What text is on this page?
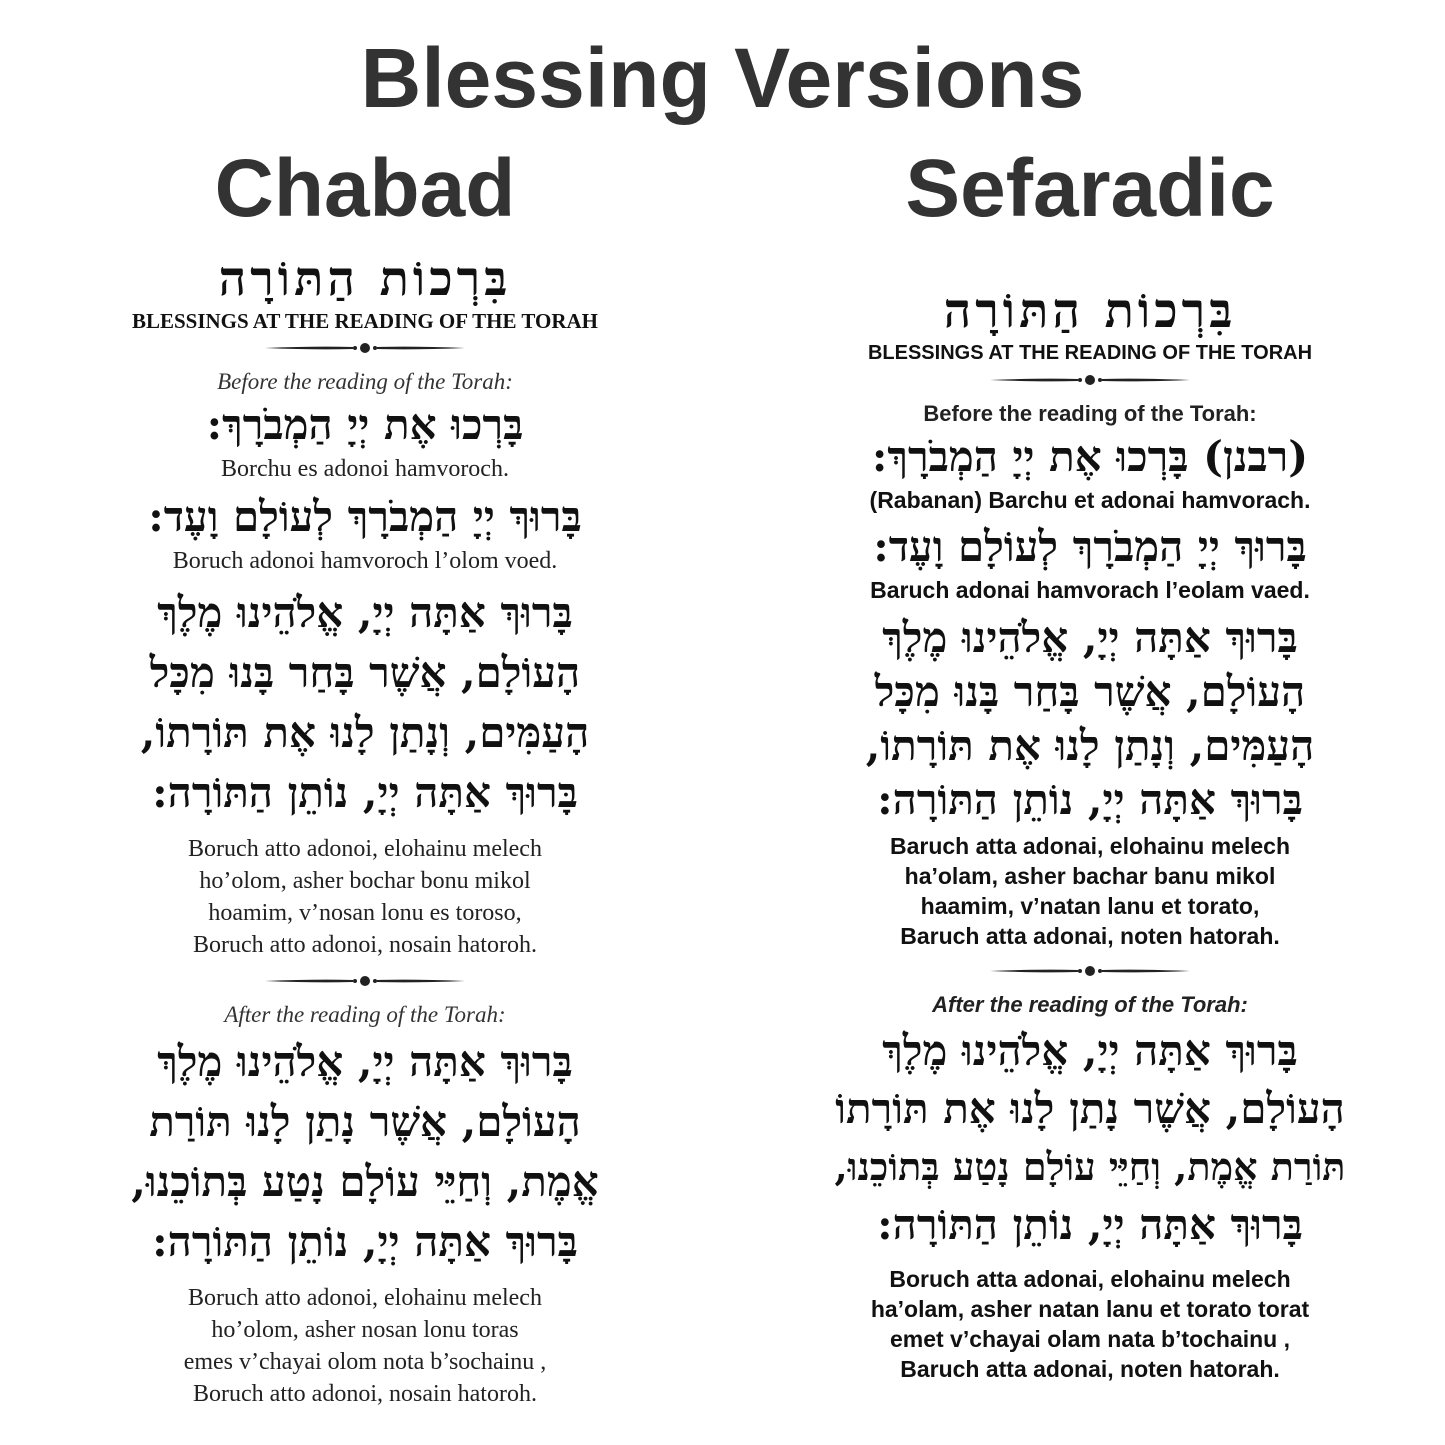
Blessing Versions
Chabad	Sefaradic
בִּרְכוֹת הַתּוֹרָה
BLESSINGS AT THE READING OF THE TORAH
Before the reading of the Torah:
בָּרְכוּ אֶת יְיָ הַמְבֹרָךְ:
Borchu es adonoi hamvoroch.
בָּרוּךְ יְיָ הַמְבֹרָךְ לְעוֹלָם וָעֶד:
Boruch adonoi hamvoroch l’olom voed.
בָּרוּךְ אַתָּה יְיָ, אֱלֹהֵינוּ מֶלֶךְ
הָעוֹלָם, אֲשֶׁר בָּחַר בָּנוּ מִכָּל
הָעַמִּים, וְנָתַן לָנוּ אֶת תּוֹרָתוֹ,
בָּרוּךְ אַתָּה יְיָ, נוֹתֵן הַתּוֹרָה:
Boruch atto adonoi, elohainu melech
ho’olom, asher bochar bonu mikol
hoamim, v’nosan lonu es toroso,
Boruch atto adonoi, nosain hatoroh.
After the reading of the Torah:
בָּרוּךְ אַתָּה יְיָ, אֱלֹהֵינוּ מֶלֶךְ
הָעוֹלָם, אֲשֶׁר נָתַן לָנוּ תּוֹרַת
אֱמֶת, וְחַיֵּי עוֹלָם נָטַע בְּתוֹכֵנוּ,
בָּרוּךְ אַתָּה יְיָ, נוֹתֵן הַתּוֹרָה:
Boruch atto adonoi, elohainu melech
ho’olom, asher nosan lonu toras
emes v’chayai olom nota b’sochainu ,
Boruch atto adonoi, nosain hatoroh.
בִּרְכוֹת הַתּוֹרָה
BLESSINGS AT THE READING OF THE TORAH
Before the reading of the Torah:
(רבנן) בָּרְכוּ אֶת יְיָ הַמְבֹרָךְ:
(Rabanan) Barchu et adonai hamvorach.
בָּרוּךְ יְיָ הַמְבֹרָךְ לְעוֹלָם וָעֶד:
Baruch adonai hamvorach l’eolam vaed.
בָּרוּךְ אַתָּה יְיָ, אֱלֹהֵינוּ מֶלֶךְ
הָעוֹלָם, אֲשֶׁר בָּחַר בָּנוּ מִכָּל
הָעַמִּים, וְנָתַן לָנוּ אֶת תּוֹרָתוֹ,
בָּרוּךְ אַתָּה יְיָ, נוֹתֵן הַתּוֹרָה:
Baruch atta adonai, elohainu melech
ha’olam, asher bachar banu mikol
haamim, v’natan lanu et torato,
Baruch atta adonai, noten hatorah.
After the reading of the Torah:
בָּרוּךְ אַתָּה יְיָ, אֱלֹהֵינוּ מֶלֶךְ
הָעוֹלָם, אֲשֶׁר נָתַן לָנוּ אֶת תּוֹרָתוֹ
תּוֹרַת אֱמֶת, וְחַיֵּי עוֹלָם נָטַע בְּתוֹכֵנוּ,
בָּרוּךְ אַתָּה יְיָ, נוֹתֵן הַתּוֹרָה:
Boruch atta adonai, elohainu melech
ha’olam, asher natan lanu et torato torat
emet v’chayai olam nata b’tochainu ,
Baruch atta adonai, noten hatorah.
